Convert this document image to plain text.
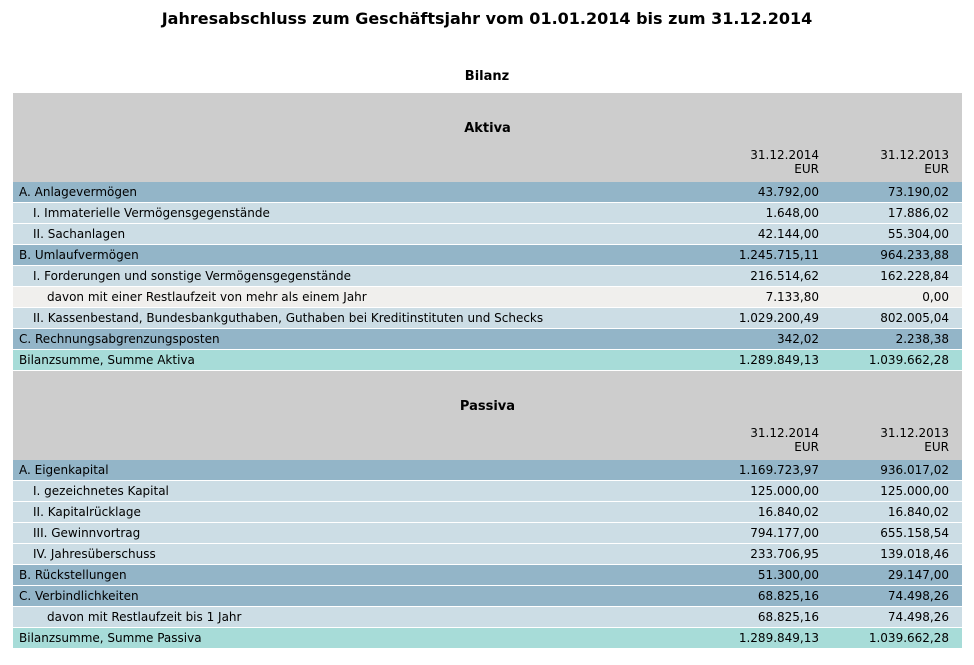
Jahresabschluss zum Geschäftsjahr vom 01.01.2014 bis zum 31.12.2014
Bilanz
Aktiva
31.12.2014
EUR
31.12.2013
EUR
A. Anlagevermögen	43.792,00	73.190,02
I. Immaterielle Vermögensgegenstände	1.648,00	17.886,02
II. Sachanlagen	42.144,00	55.304,00
B. Umlaufvermögen	1.245.715,11	964.233,88
I. Forderungen und sonstige Vermögensgegenstände	216.514,62	162.228,84
davon mit einer Restlaufzeit von mehr als einem Jahr	7.133,80	0,00
II. Kassenbestand, Bundesbankguthaben, Guthaben bei Kreditinstituten und Schecks	1.029.200,49	802.005,04
C. Rechnungsabgrenzungsposten	342,02	2.238,38
Bilanzsumme, Summe Aktiva	1.289.849,13	1.039.662,28
Passiva
31.12.2014
EUR
31.12.2013
EUR
A. Eigenkapital	1.169.723,97	936.017,02
I. gezeichnetes Kapital	125.000,00	125.000,00
II. Kapitalrücklage	16.840,02	16.840,02
III. Gewinnvortrag	794.177,00	655.158,54
IV. Jahresüberschuss	233.706,95	139.018,46
B. Rückstellungen	51.300,00	29.147,00
C. Verbindlichkeiten	68.825,16	74.498,26
davon mit Restlaufzeit bis 1 Jahr	68.825,16	74.498,26
Bilanzsumme, Summe Passiva	1.289.849,13	1.039.662,28
